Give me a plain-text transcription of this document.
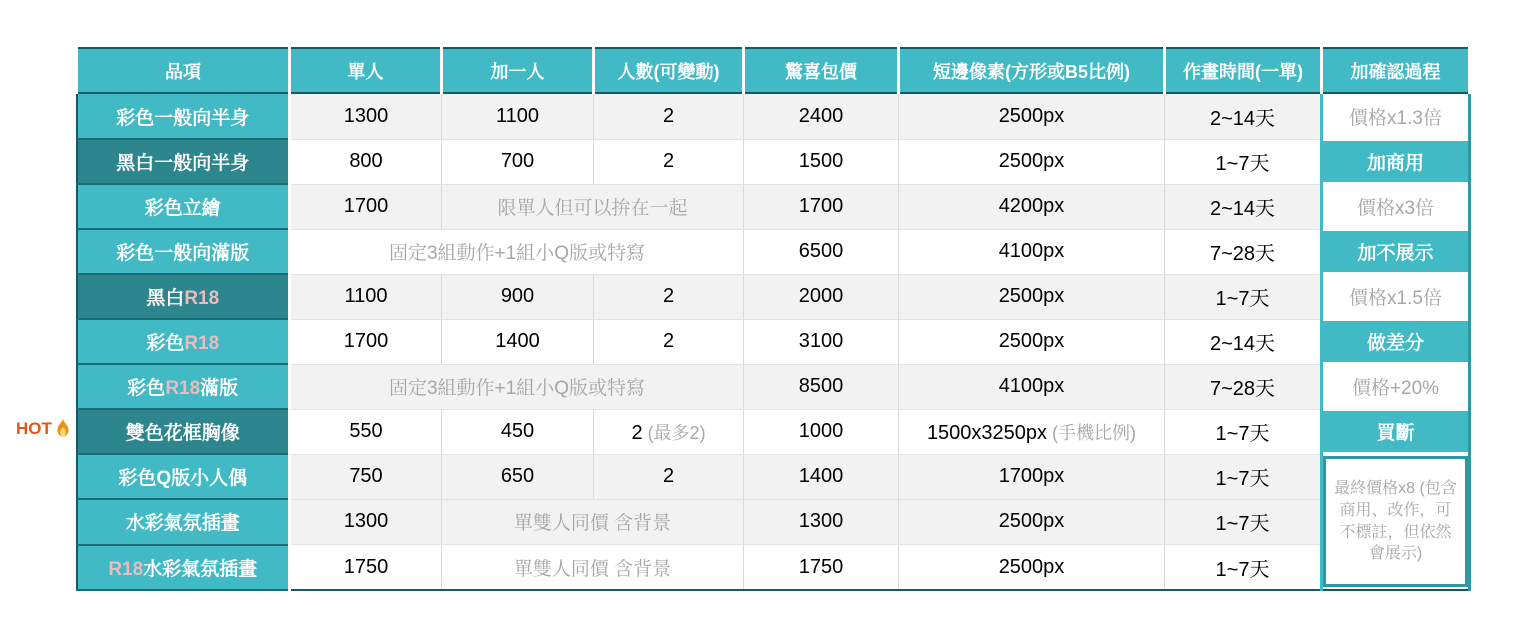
HOT
品項	單人	加一人	人數(可變動)	驚喜包價	短邊像素(方形或B5比例)	作畫時間(一單)	加確認過程
彩色一般向半身	1300	1100	2	2400	2500px	2~14天	價格x1.3倍

黑白一般向半身	800	700	2	1500	2500px	1~7天	加商用

彩色立繪	1700	限單人但可以拚在一起		1700	4200px	2~14天	價格x3倍

彩色一般向滿版	固定3組動作+1組小Q版或特寫			6500	4100px	7~28天	加不展示

黑白R18	1100	900	2	2000	2500px	1~7天	價格x1.5倍

彩色R18	1700	1400	2	3100	2500px	2~14天	做差分

彩色R18滿版	固定3組動作+1組小Q版或特寫			8500	4100px	7~28天	價格+20%

雙色花框胸像	550	450	2 (最多2)	1000	1500x3250px (手機比例)	1~7天	買斷

彩色Q版小人偶	750	650	2	1400	1700px	1~7天	最終價格x8 (包含商用、改作，可不標註，但依然會展示)

水彩氣氛插畫	1300	單雙人同價 含背景		1300	2500px	1~7天	
R18水彩氣氛插畫	1750	單雙人同價 含背景		1750	2500px	1~7天	
